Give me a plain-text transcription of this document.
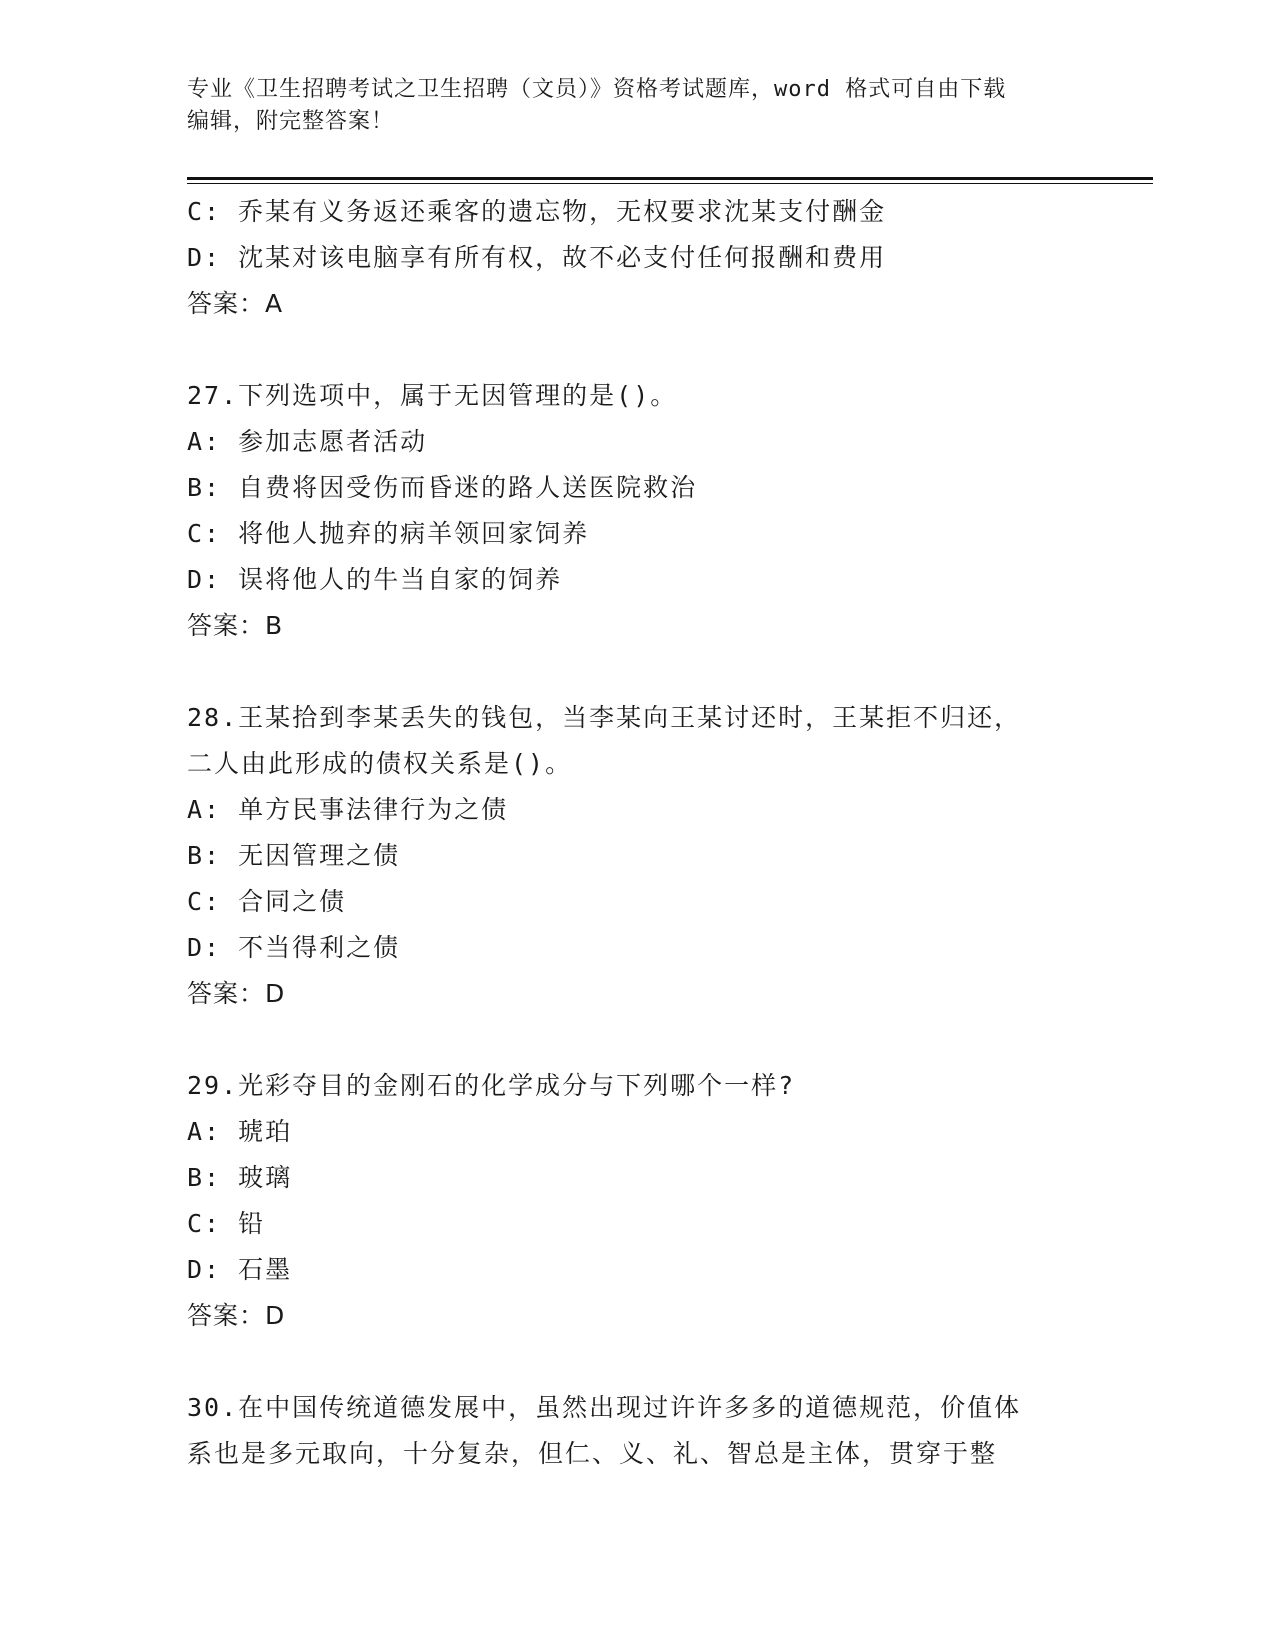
专业《卫生招聘考试之卫生招聘（文员）》资格考试题库，word 格式可自由下载
编辑，附完整答案！
C: 乔某有义务返还乘客的遗忘物，无权要求沈某支付酬金
D: 沈某对该电脑享有所有权，故不必支付任何报酬和费用
答案：A
27.下列选项中，属于无因管理的是()。
A: 参加志愿者活动
B: 自费将因受伤而昏迷的路人送医院救治
C: 将他人抛弃的病羊领回家饲养
D: 误将他人的牛当自家的饲养
答案：B
28.王某拾到李某丢失的钱包，当李某向王某讨还时，王某拒不归还，
二人由此形成的债权关系是()。
A: 单方民事法律行为之债
B: 无因管理之债
C: 合同之债
D: 不当得利之债
答案：D
29.光彩夺目的金刚石的化学成分与下列哪个一样?
A: 琥珀
B: 玻璃
C: 铅
D: 石墨
答案：D
30.在中国传统道德发展中，虽然出现过许许多多的道德规范，价值体
系也是多元取向，十分复杂，但仁、义、礼、智总是主体，贯穿于整
